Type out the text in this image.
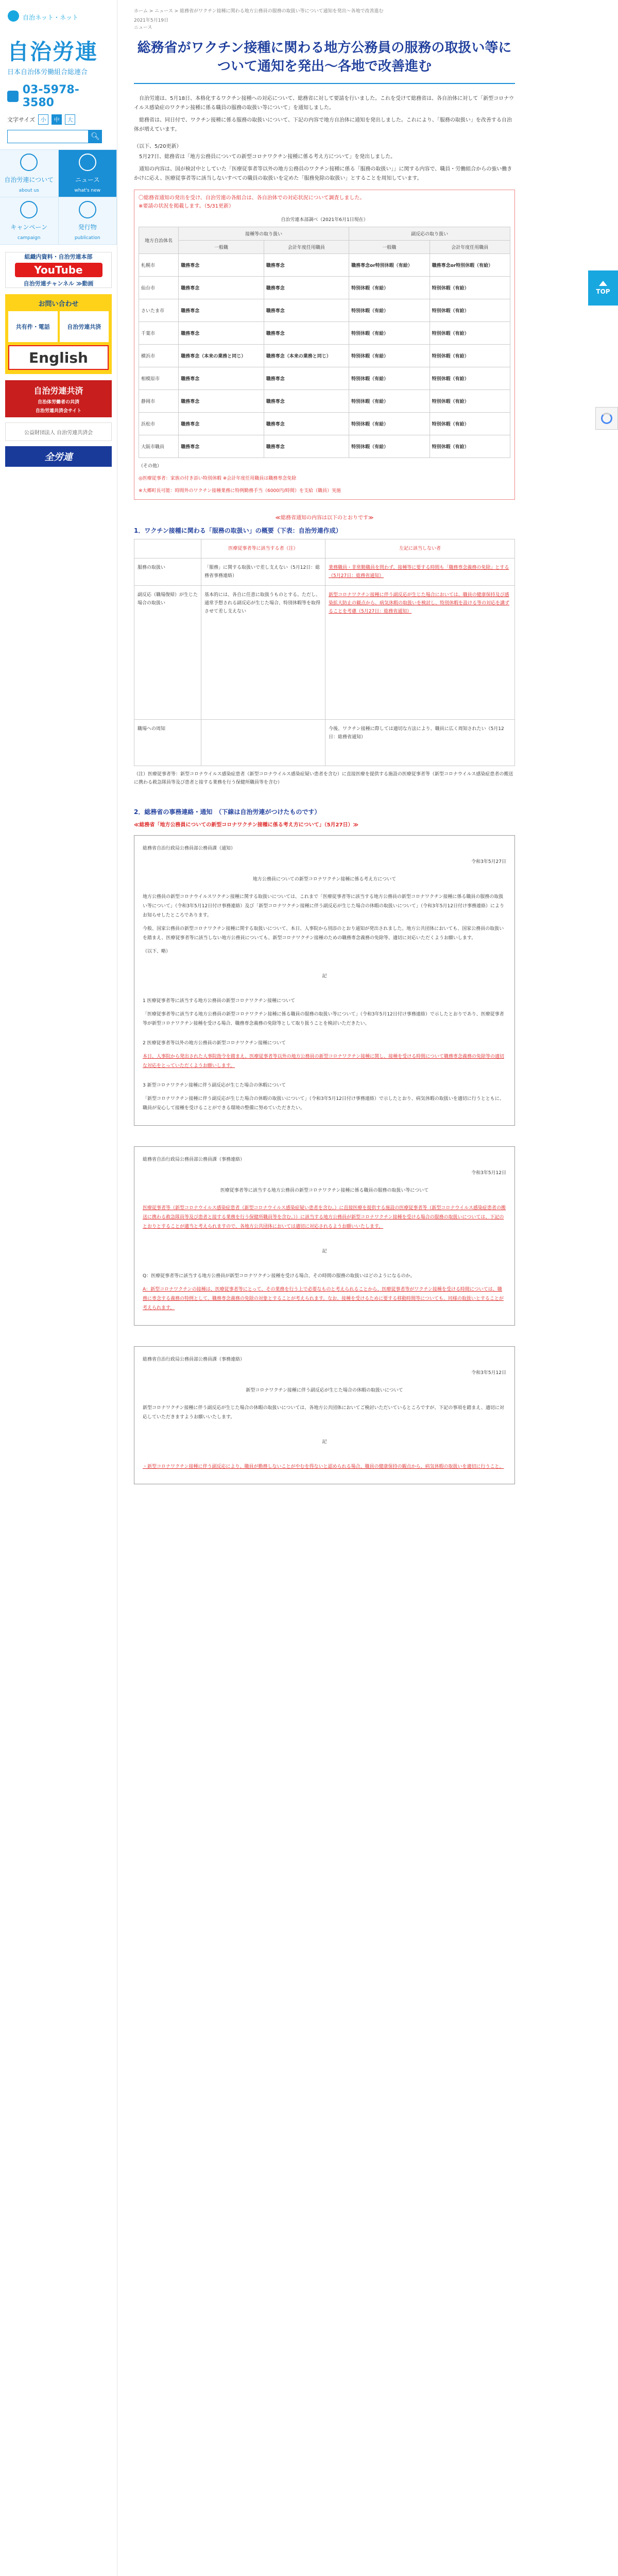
自治ネット・ネット
自治労連
日本自治体労働組合総連合
03-5978-3580
文字サイズ 小	中	大
🔍︎
自治労連について
about us
ニュース
what's new
キャンペーン
campaign
発行物
publication
組織内資料・自治労連本部
YouTube
自治労連チャンネル ≫動画
お問い合わせ
共有件・電話	自治労連共済
English
自治労連共済
自治体労働者の共済
自治労連共済会サイト
公益財団法人 自治労連共済会
全労連
ホーム > ニュース > 総務省がワクチン接種に関わる地方公務員の服務の取扱い等について通知を発出〜各地で改善進む
2021年5月19日
ニュース
総務省がワクチン接種に関わる地方公務員の服務の取扱い等について通知を発出〜各地で改善進む

自治労連は、5月18日、本格化するワクチン接種への対応について、総務省に対して要請を行いました。これを受けて総務省は、各自治体に対して「新型コロナウイルス感染症のワクチン接種に係る職員の服務の取扱い等について」を通知しました。

総務省は、同日付で、ワクチン接種に係る服務の取扱いについて、下記の内容で地方自治体に通知を発出しました。これにより、「服務の取扱い」を改善する自治体が増えています。

（以下、5/20更新）

5月27日、総務省は「地方公務員についての新型コロナワクチン接種に係る考え方について」を発出しました。

通知の内容は、国が検討中としていた「医療従事者等以外の地方公務員のワクチン接種に係る「服務の取扱い」」に関する内容で、職員・労働組合からの強い働きかけに応え、医療従事者等に該当しないすべての職員の取扱いを定めた「服務免除の取扱い」とすることを周知しています。

〇総務省通知の発出を受け、自治労連の各組合は、各自治体での対応状況について調査しました。
※要請の状況を掲載します。（5/31更新）
自治労連本部調べ（2021年6月1日現在）
地方自治体名	接種等の取り扱い		副反応の取り扱い	
	一般職	会計年度任用職員	一般職	会計年度任用職員
札幌市	職務専念	職務専念	職務専念or特別休暇（有給）	職務専念or特別休暇（有給）
仙台市	職務専念	職務専念	特別休暇（有給）	特別休暇（有給）
さいたま市	職務専念	職務専念	特別休暇（有給）	特別休暇（有給）
千葉市	職務専念	職務専念	特別休暇（有給）	特別休暇（有給）
横浜市	職務専念（本来の業務と同じ）	職務専念（本来の業務と同じ）	特別休暇（有給）	特別休暇（有給）
相模原市	職務専念	職務専念	特別休暇（有給）	特別休暇（有給）
静岡市	職務専念	職務専念	特別休暇（有給）	特別休暇（有給）
浜松市	職務専念	職務専念	特別休暇（有給）	特別休暇（有給）
大阪市職員	職務専念	職務専念	特別休暇（有給）	特別休暇（有給）
（その他）
◎医療従事者：家族の付き添い特別休暇 ※会計年度任用職員は職務専念免除
※大郷町長可能：時間外のワクチン接種業務に特例勤務手当（6000円/時間）を支給（職員）実施
≪総務省通知の内容は以下のとおりです≫
1．ワクチン接種に関わる「服務の取扱い」の概要（下表：自治労連作成）
	医療従事者等に該当する者（注）	左記に該当しない者
服務の取扱い	「服務」に関する取扱いで差し支えない（5月12日：総務省事務連絡）	業務職員・非常勤職員を問わず、接種等に要する時間も「職務専念義務の免除」とする（5月27日：総務省通知）
副反応（職場復帰）が生じた場合の取扱い	基本的には、各自に任意に取扱うものとする。ただし、通常予想される副反応が生じた場合、特別休暇等を取得させて差し支えない	新型コロナワクチン接種に伴う副反応が生じた場合においては、職員の健康保持及び感染拡大防止の観点から、病気休暇の取扱いを検討し、特別休暇を設ける等の対応を講ずることを考慮（5月27日：総務省通知）
職場への周知		今後、ワクチン接種に際しては適切な方法により、職員に広く周知されたい（5月12日：総務省通知）
（注）医療従事者等：新型コロナウイルス感染症患者（新型コロナウイルス感染症疑い患者を含む）に直接医療を提供する施設の医療従事者等（新型コロナウイルス感染症患者の搬送に携わる救急隊員等及び患者と接する業務を行う保健所職員等を含む）
2．総務省の事務連絡・通知　（下線は自治労連がつけたものです）
≪総務省「地方公務員についての新型コロナワクチン接種に係る考え方について」（5月27日）≫

総務省自治行政局公務員部公務員課（通知）

令和3年5月27日

地方公務員についての新型コロナワクチン接種に係る考え方について

地方公務員の新型コロナウイルスワクチン接種に関する取扱いについては、これまで「医療従事者等に該当する地方公務員の新型コロナワクチン接種に係る職員の服務の取扱い等について」（令和3年5月12日付け事務連絡）及び「新型コロナワクチン接種に伴う副反応が生じた場合の休暇の取扱いについて」（令和3年5月12日付け事務連絡）によりお知らせしたところであります。

今般、国家公務員の新型コロナワクチン接種に関する取扱いについて、本日、人事院から別添のとおり通知が発出されました。地方公共団体においても、国家公務員の取扱いを踏まえ、医療従事者等に該当しない地方公務員についても、新型コロナワクチン接種のための職務専念義務の免除等、適切に対応いただくようお願いします。

（以下、略）

記

1 医療従事者等に該当する地方公務員の新型コロナワクチン接種について

「医療従事者等に該当する地方公務員の新型コロナワクチン接種に係る職員の服務の取扱い等について」（令和3年5月12日付け事務連絡）で示したとおりであり、医療従事者等が新型コロナワクチン接種を受ける場合、職務専念義務の免除等として取り扱うことを検討いただきたい。

2 医療従事者等以外の地方公務員の新型コロナワクチン接種について

本日、人事院から発出された人事院指令を踏まえ、医療従事者等以外の地方公務員の新型コロナワクチン接種に関し、接種を受ける時間について職務専念義務の免除等の適切な対応をとっていただくようお願いします。

3 新型コロナワクチン接種に伴う副反応が生じた場合の休暇について

「新型コロナワクチン接種に伴う副反応が生じた場合の休暇の取扱いについて」（令和3年5月12日付け事務連絡）で示したとおり、病気休暇の取扱いを適切に行うとともに、職員が安心して接種を受けることができる環境の整備に努めていただきたい。

総務省自治行政局公務員部公務員課（事務連絡）

令和3年5月12日

医療従事者等に該当する地方公務員の新型コロナワクチン接種に係る職員の服務の取扱い等について

医療従事者等（新型コロナウイルス感染症患者（新型コロナウイルス感染症疑い患者を含む。）に直接医療を提供する施設の医療従事者等（新型コロナウイルス感染症患者の搬送に携わる救急隊員等及び患者と接する業務を行う保健所職員等を含む。））に該当する地方公務員が新型コロナワクチン接種を受ける場合の服務の取扱いについては、下記のとおりとすることが適当と考えられますので、各地方公共団体においては適切に対応されるようお願いいたします。

記

Q：医療従事者等に該当する地方公務員が新型コロナワクチン接種を受ける場合、その時間の服務の取扱いはどのようになるのか。

A：新型コロナワクチンの接種は、医療従事者等にとって、その業務を行う上で必要なものと考えられることから、医療従事者等がワクチン接種を受ける時間については、職務に専念する義務の特例として、職務専念義務の免除の対象とすることが考えられます。なお、接種を受けるために要する移動時間等についても、同様の取扱いとすることが考えられます。

総務省自治行政局公務員部公務員課（事務連絡）

令和3年5月12日

新型コロナワクチン接種に伴う副反応が生じた場合の休暇の取扱いについて

新型コロナワクチン接種に伴う副反応が生じた場合の休暇の取扱いについては、各地方公共団体においてご検討いただいているところですが、下記の事項を踏まえ、適切に対応していただきますようお願いいたします。

記

・新型コロナワクチン接種に伴う副反応により、職員が勤務しないことがやむを得ないと認められる場合、職員の健康保持の観点から、病気休暇の取扱いを適切に行うこと。

TOP
